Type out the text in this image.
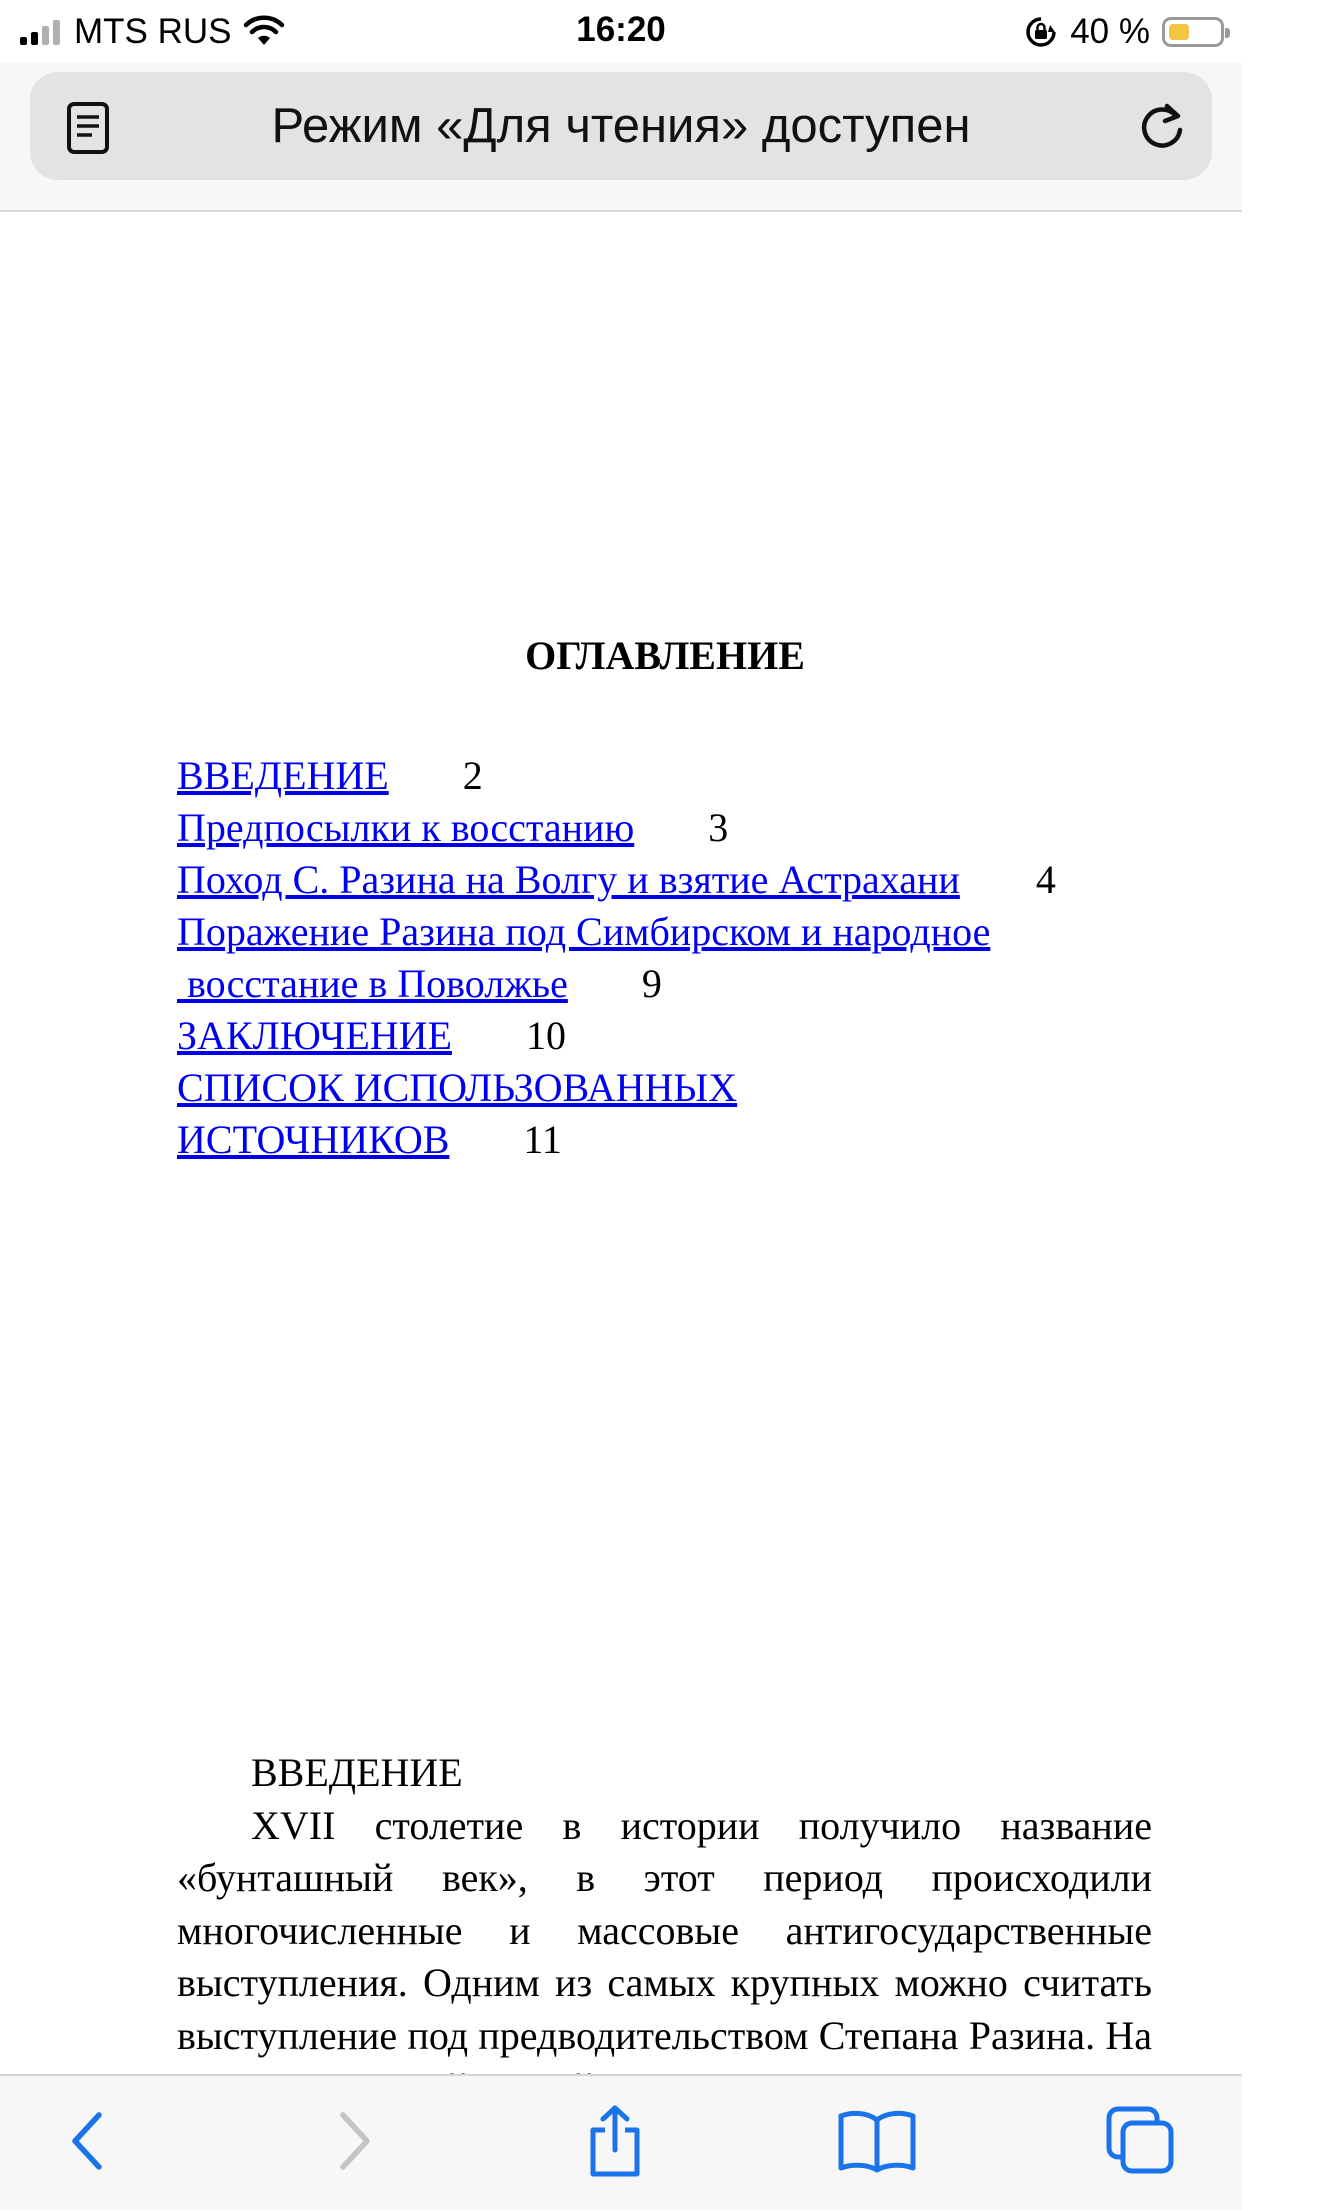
MTS RUS	16:20	40 %
Режим «Для чтения» доступен
ОГЛАВЛЕНИЕ
ВВЕДЕНИЕ 2
Предпосылки к восстанию 3
Поход С. Разина на Волгу и взятие Астрахани 4
Поражение Разина под Симбирском и народное
восстание в Поволжье 9
ЗАКЛЮЧЕНИЕ 10
СПИСОК ИСПОЛЬЗОВАННЫХ
ИСТОЧНИКОВ 11
ВВЕДЕНИЕ

XVII столетие в истории получило название «бунташный век», в этот период происходили многочисленные и массовые антигосударственные выступления. Одним из самых крупных можно считать выступление под предводительством Степана Разина. На
